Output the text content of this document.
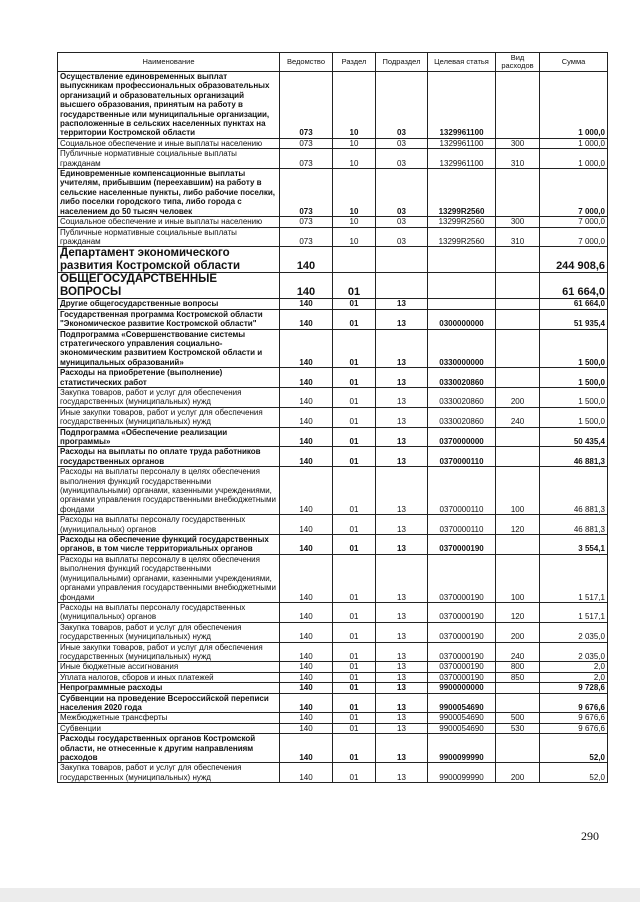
Наименование	Ведомство	Раздел	Подраздел	Целевая статья	Вид расходов	Сумма
Осуществление единовременных выплат выпускникам профессиональных образовательных организаций и образовательных организаций высшего образования, принятым на работу в государственные или муниципальные организации, расположенные в сельских населенных пунктах на территории Костромской области	073	10	03	1329961100		1 000,0
Социальное обеспечение и иные выплаты населению	073	10	03	1329961100	300	1 000,0
Публичные нормативные социальные выплаты гражданам	073	10	03	1329961100	310	1 000,0
Единовременные компенсационные выплаты учителям, прибывшим (переехавшим) на работу в сельские населенные пункты, либо рабочие поселки, либо поселки городского типа, либо города с населением до 50 тысяч человек	073	10	03	13299R2560		7 000,0
Социальное обеспечение и иные выплаты населению	073	10	03	13299R2560	300	7 000,0
Публичные нормативные социальные выплаты гражданам	073	10	03	13299R2560	310	7 000,0
Департамент экономического развития Костромской области	140					244 908,6
ОБЩЕГОСУДАРСТВЕННЫЕ ВОПРОСЫ	140	01				61 664,0
Другие общегосударственные вопросы	140	01	13			61 664,0
Государственная программа Костромской области "Экономическое развитие Костромской области"	140	01	13	0300000000		51 935,4
Подпрограмма «Совершенствование системы стратегического управления социально-экономическим развитием Костромской области и муниципальных образований»	140	01	13	0330000000		1 500,0
Расходы на приобретение (выполнение) статистических работ	140	01	13	0330020860		1 500,0
Закупка товаров, работ и услуг для обеспечения государственных (муниципальных) нужд	140	01	13	0330020860	200	1 500,0
Иные закупки товаров, работ и услуг для обеспечения государственных (муниципальных) нужд	140	01	13	0330020860	240	1 500,0
Подпрограмма «Обеспечение реализации программы»	140	01	13	0370000000		50 435,4
Расходы на выплаты по оплате труда работников государственных органов	140	01	13	0370000110		46 881,3
Расходы на выплаты персоналу в целях обеспечения выполнения функций государственными (муниципальными) органами, казенными учреждениями, органами управления государственными внебюджетными фондами	140	01	13	0370000110	100	46 881,3
Расходы на выплаты персоналу государственных (муниципальных) органов	140	01	13	0370000110	120	46 881,3
Расходы на обеспечение функций государственных органов, в том числе территориальных органов	140	01	13	0370000190		3 554,1
Расходы на выплаты персоналу в целях обеспечения выполнения функций государственными (муниципальными) органами, казенными учреждениями, органами управления государственными внебюджетными фондами	140	01	13	0370000190	100	1 517,1
Расходы на выплаты персоналу государственных (муниципальных) органов	140	01	13	0370000190	120	1 517,1
Закупка товаров, работ и услуг для обеспечения государственных (муниципальных) нужд	140	01	13	0370000190	200	2 035,0
Иные закупки товаров, работ и услуг для обеспечения государственных (муниципальных) нужд	140	01	13	0370000190	240	2 035,0
Иные бюджетные ассигнования	140	01	13	0370000190	800	2,0
Уплата налогов, сборов и иных платежей	140	01	13	0370000190	850	2,0
Непрограммные расходы	140	01	13	9900000000		9 728,6
Субвенции на проведение Всероссийской переписи населения 2020 года	140	01	13	9900054690		9 676,6
Межбюджетные трансферты	140	01	13	9900054690	500	9 676,6
Субвенции	140	01	13	9900054690	530	9 676,6
Расходы государственных органов Костромской области, не отнесенные к другим направлениям расходов	140	01	13	9900099990		52,0
Закупка товаров, работ и услуг для обеспечения государственных (муниципальных) нужд	140	01	13	9900099990	200	52,0
290
